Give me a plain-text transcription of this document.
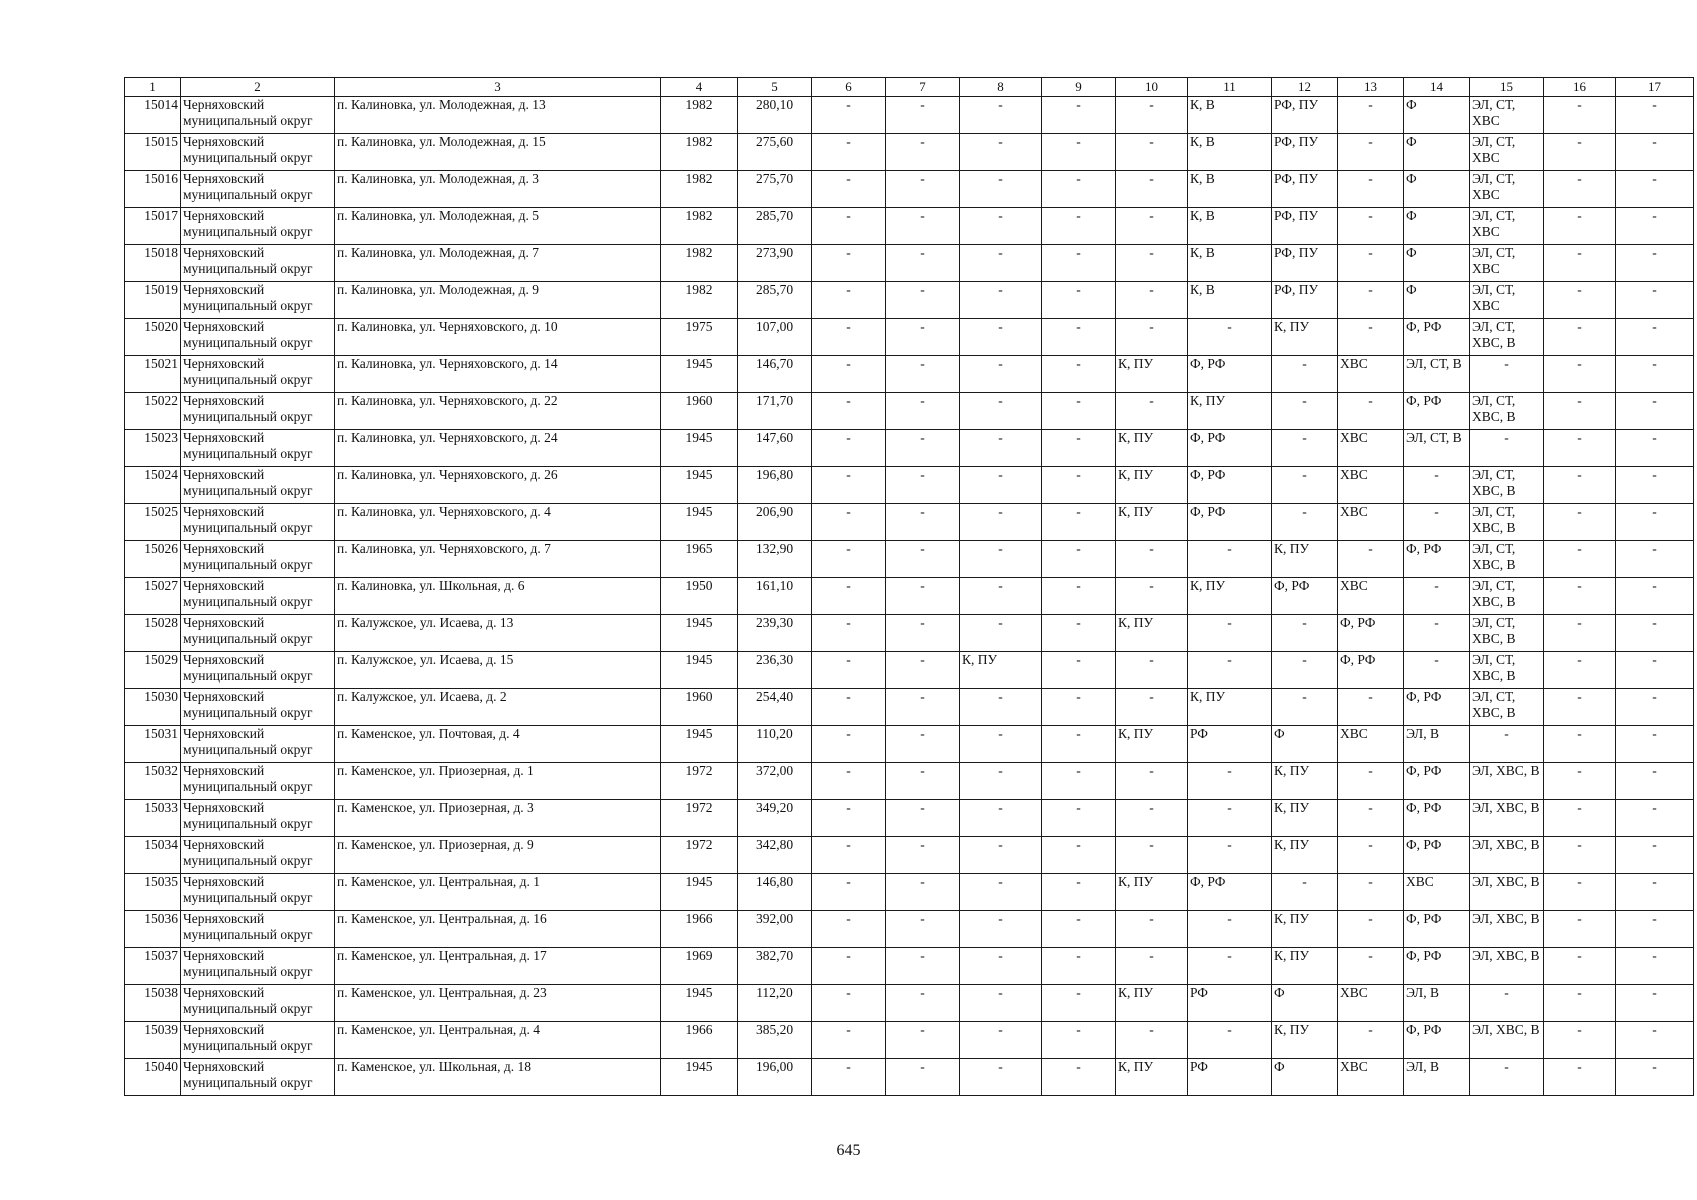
1	2	3	4	5	6	7	8	9	10	11	12	13	14	15	16	17
15014	Черняховский муниципальный округ	п. Калиновка, ул. Молодежная, д. 13	1982	280,10	-	-	-	-	-	К, В	РФ, ПУ	-	Ф	ЭЛ, СТ, ХВС	-	-
15015	Черняховский муниципальный округ	п. Калиновка, ул. Молодежная, д. 15	1982	275,60	-	-	-	-	-	К, В	РФ, ПУ	-	Ф	ЭЛ, СТ, ХВС	-	-
15016	Черняховский муниципальный округ	п. Калиновка, ул. Молодежная, д. 3	1982	275,70	-	-	-	-	-	К, В	РФ, ПУ	-	Ф	ЭЛ, СТ, ХВС	-	-
15017	Черняховский муниципальный округ	п. Калиновка, ул. Молодежная, д. 5	1982	285,70	-	-	-	-	-	К, В	РФ, ПУ	-	Ф	ЭЛ, СТ, ХВС	-	-
15018	Черняховский муниципальный округ	п. Калиновка, ул. Молодежная, д. 7	1982	273,90	-	-	-	-	-	К, В	РФ, ПУ	-	Ф	ЭЛ, СТ, ХВС	-	-
15019	Черняховский муниципальный округ	п. Калиновка, ул. Молодежная, д. 9	1982	285,70	-	-	-	-	-	К, В	РФ, ПУ	-	Ф	ЭЛ, СТ, ХВС	-	-
15020	Черняховский муниципальный округ	п. Калиновка, ул. Черняховского, д. 10	1975	107,00	-	-	-	-	-	-	К, ПУ	-	Ф, РФ	ЭЛ, СТ, ХВС, В	-	-
15021	Черняховский муниципальный округ	п. Калиновка, ул. Черняховского, д. 14	1945	146,70	-	-	-	-	К, ПУ	Ф, РФ	-	ХВС	ЭЛ, СТ, В	-	-	-
15022	Черняховский муниципальный округ	п. Калиновка, ул. Черняховского, д. 22	1960	171,70	-	-	-	-	-	К, ПУ	-	-	Ф, РФ	ЭЛ, СТ, ХВС, В	-	-
15023	Черняховский муниципальный округ	п. Калиновка, ул. Черняховского, д. 24	1945	147,60	-	-	-	-	К, ПУ	Ф, РФ	-	ХВС	ЭЛ, СТ, В	-	-	-
15024	Черняховский муниципальный округ	п. Калиновка, ул. Черняховского, д. 26	1945	196,80	-	-	-	-	К, ПУ	Ф, РФ	-	ХВС	-	ЭЛ, СТ, ХВС, В	-	-
15025	Черняховский муниципальный округ	п. Калиновка, ул. Черняховского, д. 4	1945	206,90	-	-	-	-	К, ПУ	Ф, РФ	-	ХВС	-	ЭЛ, СТ, ХВС, В	-	-
15026	Черняховский муниципальный округ	п. Калиновка, ул. Черняховского, д. 7	1965	132,90	-	-	-	-	-	-	К, ПУ	-	Ф, РФ	ЭЛ, СТ, ХВС, В	-	-
15027	Черняховский муниципальный округ	п. Калиновка, ул. Школьная, д. 6	1950	161,10	-	-	-	-	-	К, ПУ	Ф, РФ	ХВС	-	ЭЛ, СТ, ХВС, В	-	-
15028	Черняховский муниципальный округ	п. Калужское, ул. Исаева, д. 13	1945	239,30	-	-	-	-	К, ПУ	-	-	Ф, РФ	-	ЭЛ, СТ, ХВС, В	-	-
15029	Черняховский муниципальный округ	п. Калужское, ул. Исаева, д. 15	1945	236,30	-	-	К, ПУ	-	-	-	-	Ф, РФ	-	ЭЛ, СТ, ХВС, В	-	-
15030	Черняховский муниципальный округ	п. Калужское, ул. Исаева, д. 2	1960	254,40	-	-	-	-	-	К, ПУ	-	-	Ф, РФ	ЭЛ, СТ, ХВС, В	-	-
15031	Черняховский муниципальный округ	п. Каменское, ул. Почтовая, д. 4	1945	110,20	-	-	-	-	К, ПУ	РФ	Ф	ХВС	ЭЛ, В	-	-	-
15032	Черняховский муниципальный округ	п. Каменское, ул. Приозерная, д. 1	1972	372,00	-	-	-	-	-	-	К, ПУ	-	Ф, РФ	ЭЛ, ХВС, В	-	-
15033	Черняховский муниципальный округ	п. Каменское, ул. Приозерная, д. 3	1972	349,20	-	-	-	-	-	-	К, ПУ	-	Ф, РФ	ЭЛ, ХВС, В	-	-
15034	Черняховский муниципальный округ	п. Каменское, ул. Приозерная, д. 9	1972	342,80	-	-	-	-	-	-	К, ПУ	-	Ф, РФ	ЭЛ, ХВС, В	-	-
15035	Черняховский муниципальный округ	п. Каменское, ул. Центральная, д. 1	1945	146,80	-	-	-	-	К, ПУ	Ф, РФ	-	-	ХВС	ЭЛ, ХВС, В	-	-
15036	Черняховский муниципальный округ	п. Каменское, ул. Центральная, д. 16	1966	392,00	-	-	-	-	-	-	К, ПУ	-	Ф, РФ	ЭЛ, ХВС, В	-	-
15037	Черняховский муниципальный округ	п. Каменское, ул. Центральная, д. 17	1969	382,70	-	-	-	-	-	-	К, ПУ	-	Ф, РФ	ЭЛ, ХВС, В	-	-
15038	Черняховский муниципальный округ	п. Каменское, ул. Центральная, д. 23	1945	112,20	-	-	-	-	К, ПУ	РФ	Ф	ХВС	ЭЛ, В	-	-	-
15039	Черняховский муниципальный округ	п. Каменское, ул. Центральная, д. 4	1966	385,20	-	-	-	-	-	-	К, ПУ	-	Ф, РФ	ЭЛ, ХВС, В	-	-
15040	Черняховский муниципальный округ	п. Каменское, ул. Школьная, д. 18	1945	196,00	-	-	-	-	К, ПУ	РФ	Ф	ХВС	ЭЛ, В	-	-	-
645
